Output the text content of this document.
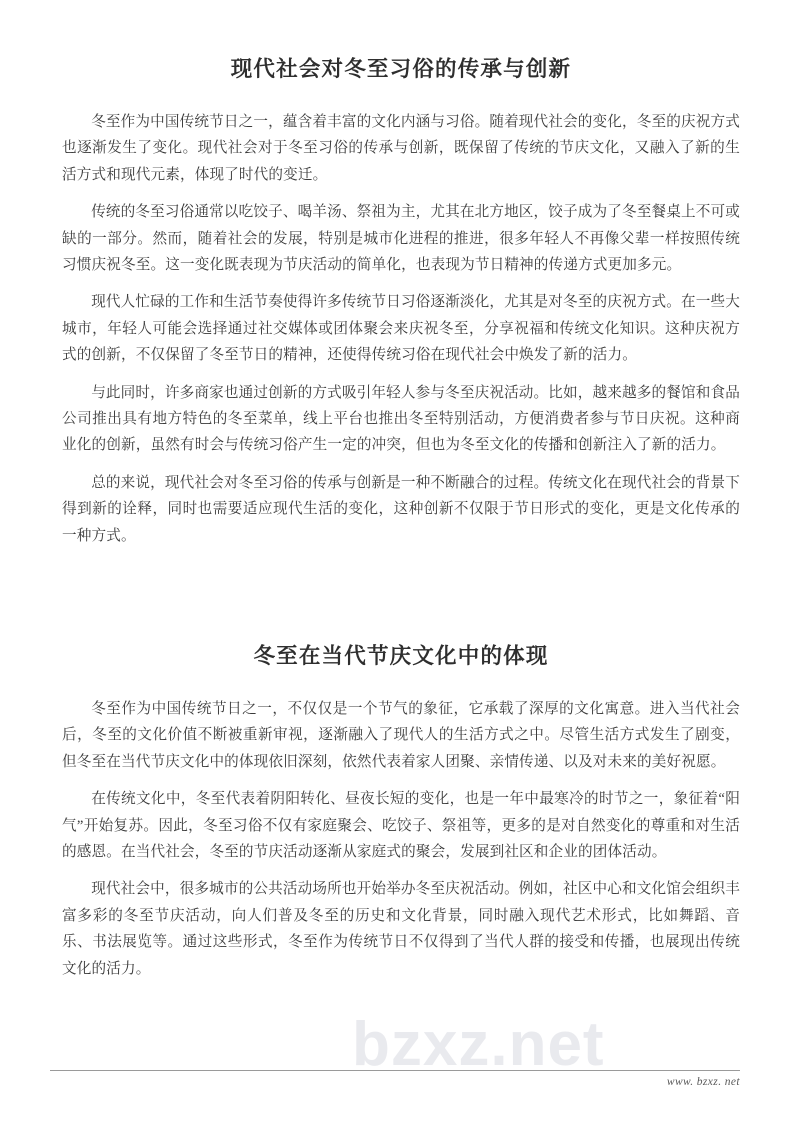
bzxz.net
现代社会对冬至习俗的传承与创新

冬至作为中国传统节日之一，蕴含着丰富的文化内涵与习俗。随着现代社会的变化，冬至的庆祝方式也逐渐发生了变化。现代社会对于冬至习俗的传承与创新，既保留了传统的节庆文化，又融入了新的生活方式和现代元素，体现了时代的变迁。

传统的冬至习俗通常以吃饺子、喝羊汤、祭祖为主，尤其在北方地区，饺子成为了冬至餐桌上不可或缺的一部分。然而，随着社会的发展，特别是城市化进程的推进，很多年轻人不再像父辈一样按照传统习惯庆祝冬至。这一变化既表现为节庆活动的简单化，也表现为节日精神的传递方式更加多元。

现代人忙碌的工作和生活节奏使得许多传统节日习俗逐渐淡化，尤其是对冬至的庆祝方式。在一些大城市，年轻人可能会选择通过社交媒体或团体聚会来庆祝冬至，分享祝福和传统文化知识。这种庆祝方式的创新，不仅保留了冬至节日的精神，还使得传统习俗在现代社会中焕发了新的活力。

与此同时，许多商家也通过创新的方式吸引年轻人参与冬至庆祝活动。比如，越来越多的餐馆和食品公司推出具有地方特色的冬至菜单，线上平台也推出冬至特别活动，方便消费者参与节日庆祝。这种商业化的创新，虽然有时会与传统习俗产生一定的冲突，但也为冬至文化的传播和创新注入了新的活力。

总的来说，现代社会对冬至习俗的传承与创新是一种不断融合的过程。传统文化在现代社会的背景下得到新的诠释，同时也需要适应现代生活的变化，这种创新不仅限于节日形式的变化，更是文化传承的一种方式。

冬至在当代节庆文化中的体现

冬至作为中国传统节日之一，不仅仅是一个节气的象征，它承载了深厚的文化寓意。进入当代社会后，冬至的文化价值不断被重新审视，逐渐融入了现代人的生活方式之中。尽管生活方式发生了剧变，但冬至在当代节庆文化中的体现依旧深刻，依然代表着家人团聚、亲情传递、以及对未来的美好祝愿。

在传统文化中，冬至代表着阴阳转化、昼夜长短的变化，也是一年中最寒冷的时节之一，象征着“阳气”开始复苏。因此，冬至习俗不仅有家庭聚会、吃饺子、祭祖等，更多的是对自然变化的尊重和对生活的感恩。在当代社会，冬至的节庆活动逐渐从家庭式的聚会，发展到社区和企业的团体活动。

现代社会中，很多城市的公共活动场所也开始举办冬至庆祝活动。例如，社区中心和文化馆会组织丰富多彩的冬至节庆活动，向人们普及冬至的历史和文化背景，同时融入现代艺术形式，比如舞蹈、音乐、书法展览等。通过这些形式，冬至作为传统节日不仅得到了当代人群的接受和传播，也展现出传统文化的活力。

www. bzxz. net
